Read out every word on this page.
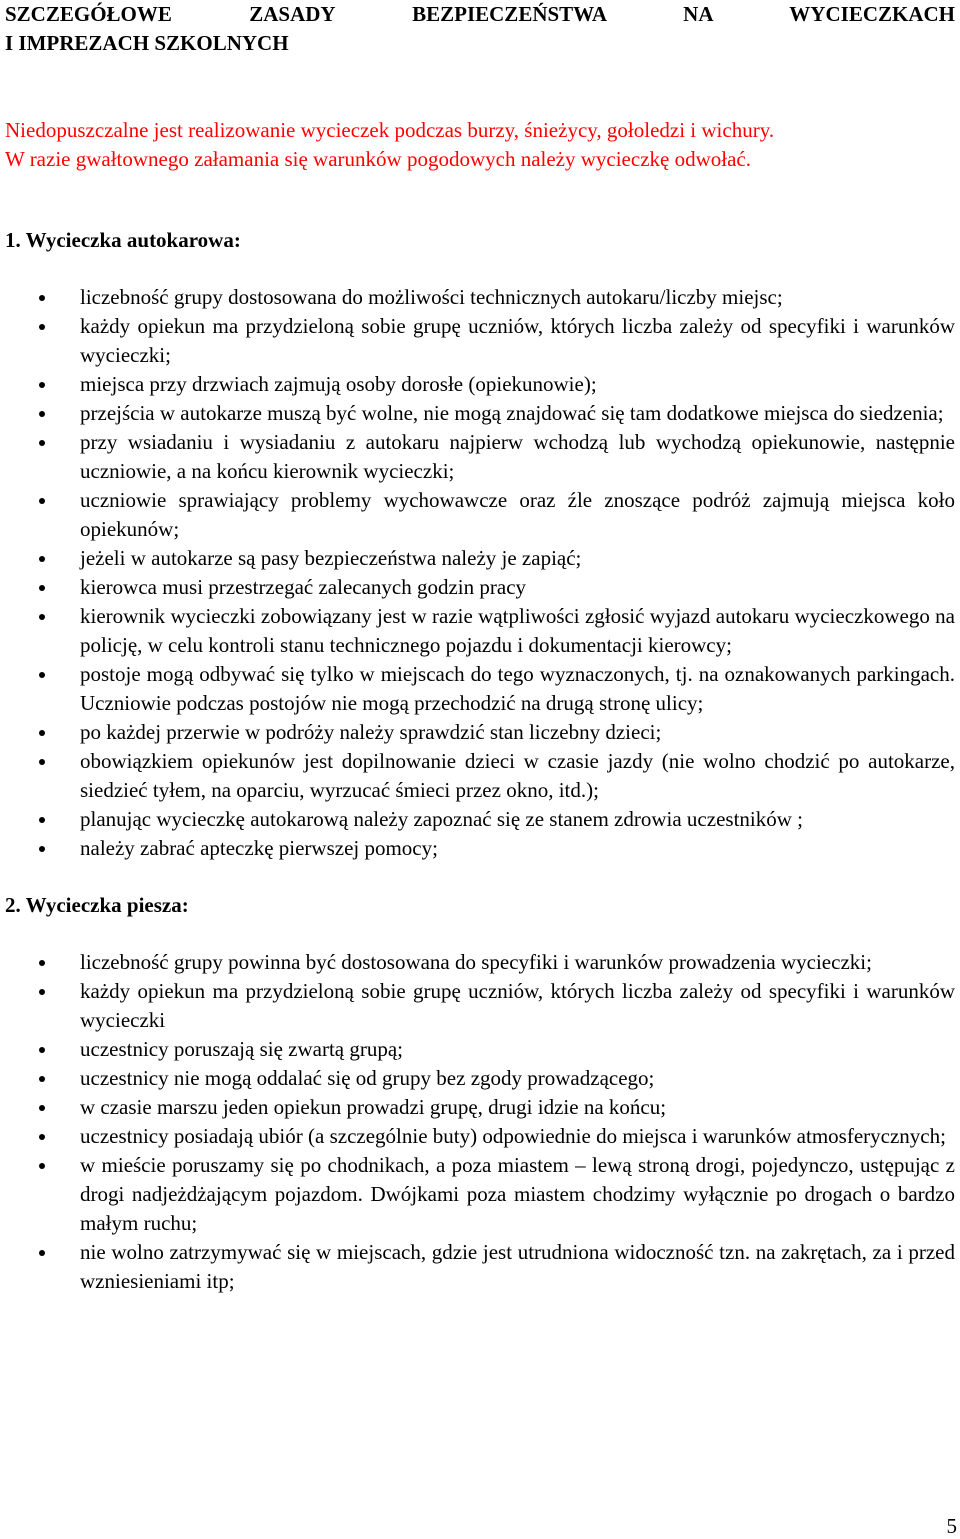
SZCZEGÓŁOWE ZASADY BEZPIECZEŃSTWA NA WYCIECZKACH
I IMPREZACH SZKOLNYCH

Niedopuszczalne jest realizowanie wycieczek podczas burzy, śnieżycy, gołoledzi i wichury.
W razie gwałtownego załamania się warunków pogodowych należy wycieczkę odwołać.

1. Wycieczka autokarowa:
liczebność grupy dostosowana do możliwości technicznych autokaru/liczby miejsc;
każdy opiekun ma przydzieloną sobie grupę uczniów, których liczba zależy od specyfiki i warunków wycieczki;
miejsca przy drzwiach zajmują osoby dorosłe (opiekunowie);
przejścia w autokarze muszą być wolne, nie mogą znajdować się tam dodatkowe miejsca do siedzenia;
przy wsiadaniu i wysiadaniu z autokaru najpierw wchodzą lub wychodzą opiekunowie, następnie uczniowie, a na końcu kierownik wycieczki;
uczniowie sprawiający problemy wychowawcze oraz źle znoszące podróż zajmują miejsca koło opiekunów;
jeżeli w autokarze są pasy bezpieczeństwa należy je zapiąć;
kierowca musi przestrzegać zalecanych godzin pracy
kierownik wycieczki zobowiązany jest w razie wątpliwości zgłosić wyjazd autokaru wycieczkowego na policję, w celu kontroli stanu technicznego pojazdu i dokumentacji kierowcy;
postoje mogą odbywać się tylko w miejscach do tego wyznaczonych, tj. na oznakowanych parkingach. Uczniowie podczas postojów nie mogą przechodzić na drugą stronę ulicy;
po każdej przerwie w podróży należy sprawdzić stan liczebny dzieci;
obowiązkiem opiekunów jest dopilnowanie dzieci w czasie jazdy (nie wolno chodzić po autokarze, siedzieć tyłem, na oparciu, wyrzucać śmieci przez okno, itd.);
planując wycieczkę autokarową należy zapoznać się ze stanem zdrowia uczestników ;
należy zabrać apteczkę pierwszej pomocy;
2. Wycieczka piesza:
liczebność grupy powinna być dostosowana do specyfiki i warunków prowadzenia wycieczki;
każdy opiekun ma przydzieloną sobie grupę uczniów, których liczba zależy od specyfiki i warunków wycieczki
uczestnicy poruszają się zwartą grupą;
uczestnicy nie mogą oddalać się od grupy bez zgody prowadzącego;
w czasie marszu jeden opiekun prowadzi grupę, drugi idzie na końcu;
uczestnicy posiadają ubiór (a szczególnie buty) odpowiednie do miejsca i warunków atmosferycznych;
w mieście poruszamy się po chodnikach, a poza miastem – lewą stroną drogi, pojedynczo, ustępując z drogi nadjeżdżającym pojazdom. Dwójkami poza miastem chodzimy wyłącznie po drogach o bardzo małym ruchu;
nie wolno zatrzymywać się w miejscach, gdzie jest utrudniona widoczność tzn. na zakrętach, za i przed wzniesieniami itp;
5
